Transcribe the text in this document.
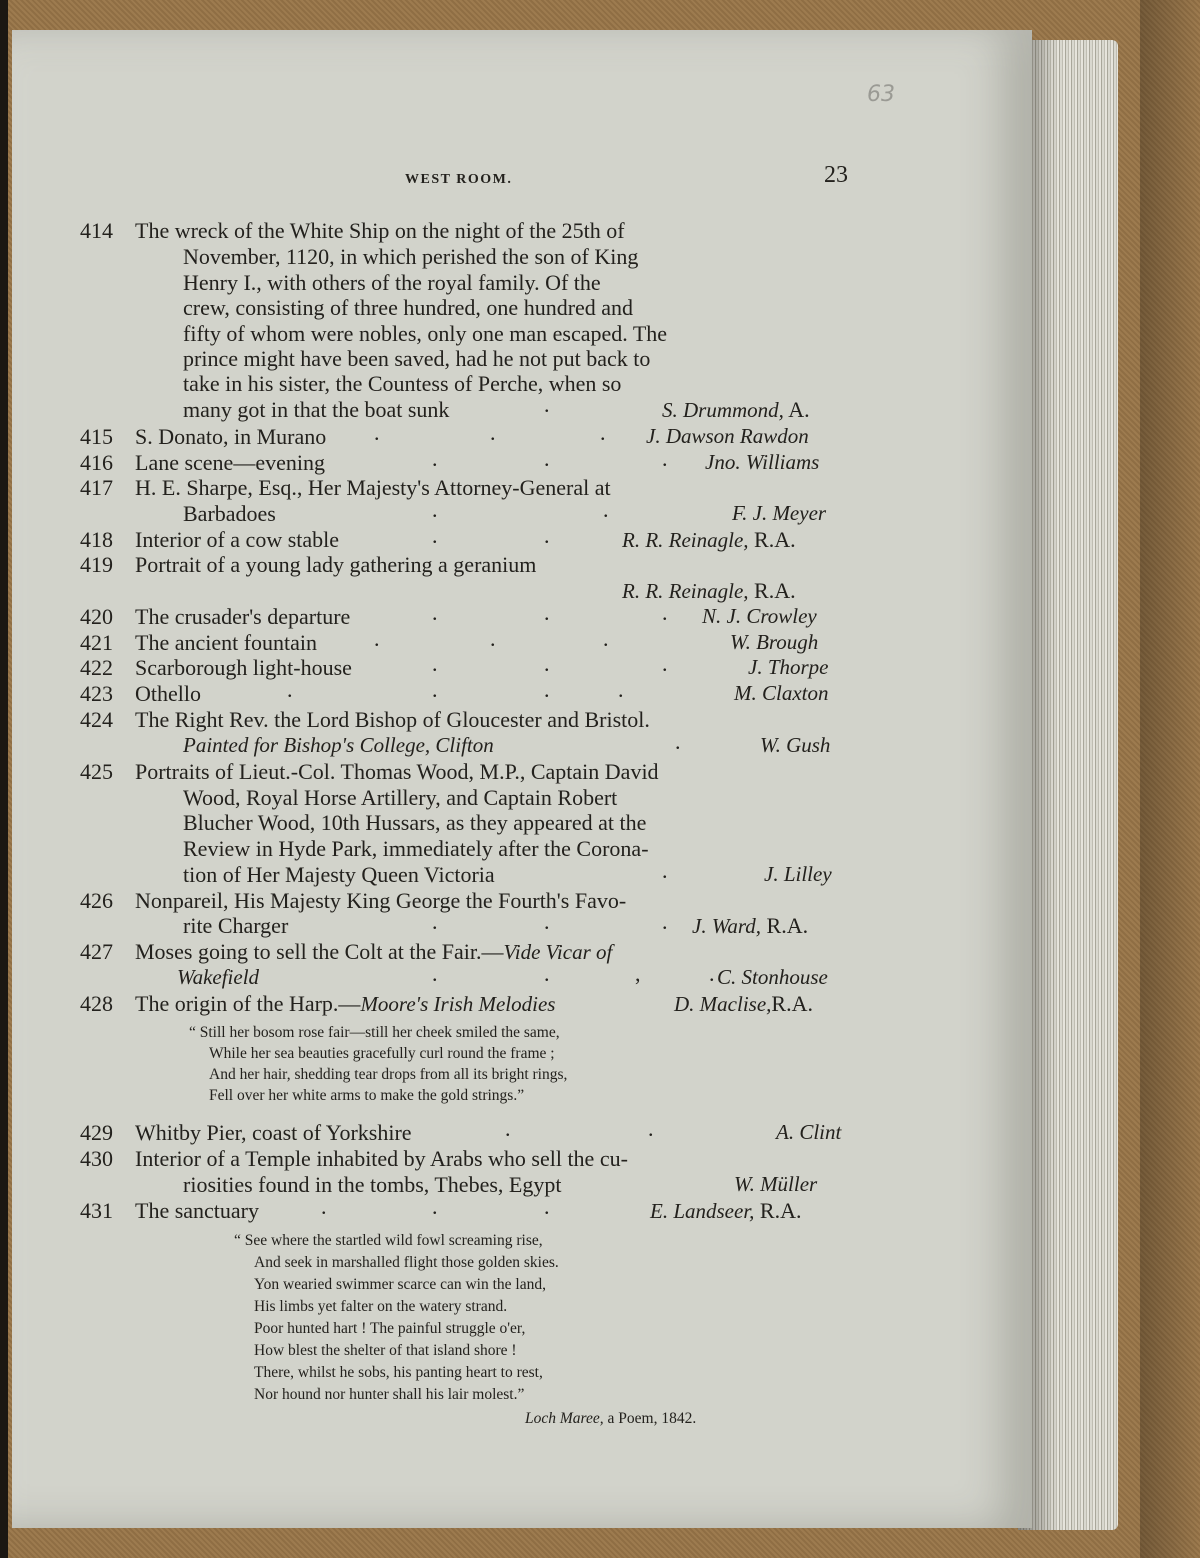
63
WEST ROOM.	23
414 The wreck of the White Ship on the night of the 25th of
November, 1120, in which perished the son of King
Henry I., with others of the royal family. Of the
crew, consisting of three hundred, one hundred and
fifty of whom were nobles, only one man escaped. The
prince might have been saved, had he not put back to
take in his sister, the Countess of Perche, when so
many got in that the boat sunk	.	S. Drummond, A.
415 S. Donato, in Murano .	.	. J. Dawson Rawdon
416 Lane scene—evening	.	.	. Jno. Williams
417 H. E. Sharpe, Esq., Her Majesty's Attorney-General at
Barbadoes	.	.	F. J. Meyer
418 Interior of a cow stable	.	.	R. R. Reinagle, R.A.
419 Portrait of a young lady gathering a geranium
R. R. Reinagle, R.A.
420 The crusader's departure	.	.	. N. J. Crowley
421 The ancient fountain	.	.	.	W. Brough
422 Scarborough light-house	.	.	.	J. Thorpe
423 Othello	.	.	.	.	M. Claxton
424 The Right Rev. the Lord Bishop of Gloucester and Bristol.
Painted for Bishop's College, Clifton	.	W. Gush
425 Portraits of Lieut.-Col. Thomas Wood, M.P., Captain David
Wood, Royal Horse Artillery, and Captain Robert
Blucher Wood, 10th Hussars, as they appeared at the
Review in Hyde Park, immediately after the Corona-
tion of Her Majesty Queen Victoria	.	J. Lilley
426 Nonpareil, His Majesty King George the Fourth's Favo-
rite Charger	.	.	. J. Ward, R.A.
427 Moses going to sell the Colt at the Fair.—Vide Vicar of
Wakefield	.	.	,	. C. Stonhouse
428 The origin of the Harp.—Moore's Irish Melodies	D. Maclise,R.A.
“ Still her bosom rose fair—still her cheek smiled the same,
While her sea beauties gracefully curl round the frame ;
And her hair, shedding tear drops from all its bright rings,
Fell over her white arms to make the gold strings.”
429 Whitby Pier, coast of Yorkshire	.	.	A. Clint
430 Interior of a Temple inhabited by Arabs who sell the cu-
riosities found in the tombs, Thebes, Egypt	W. Müller
431 The sanctuary	.	.	.	E. Landseer, R.A.
“ See where the startled wild fowl screaming rise,
And seek in marshalled flight those golden skies.
Yon wearied swimmer scarce can win the land,
His limbs yet falter on the watery strand.
Poor hunted hart ! The painful struggle o'er,
How blest the shelter of that island shore !
There, whilst he sobs, his panting heart to rest,
Nor hound nor hunter shall his lair molest.”
Loch Maree, a Poem, 1842.
